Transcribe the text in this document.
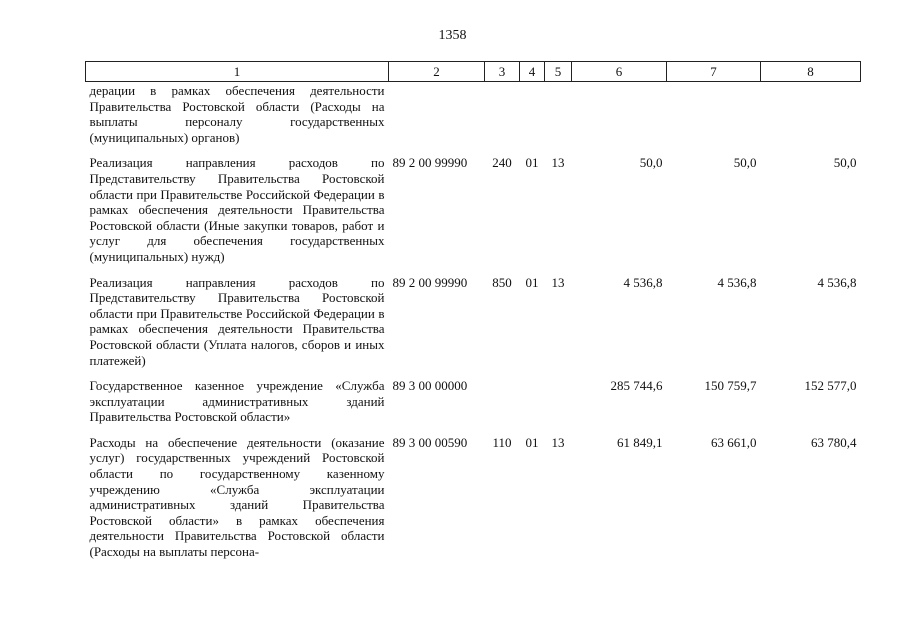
1358
1	2	3	4	5	6	7	8
дерации в рамках обеспечения деятельности Правительства Ростовской области (Расходы на выплаты персоналу государственных (муниципальных) органов)							
Реализация направления расходов по Представительству Правительства Ростовской области при Правительстве Российской Федерации в рамках обеспечения деятельности Правительства Ростовской области (Иные закупки товаров, работ и услуг для обеспечения государственных (муниципальных) нужд)	89 2 00 99990	240	01	13	50,0	50,0	50,0
Реализация направления расходов по Представительству Правительства Ростовской области при Правительстве Российской Федерации в рамках обеспечения деятельности Правительства Ростовской области (Уплата налогов, сборов и иных платежей)	89 2 00 99990	850	01	13	4 536,8	4 536,8	4 536,8
Государственное казенное учреждение «Служба эксплуатации административных зданий Правительства Ростовской области»	89 3 00 00000				285 744,6	150 759,7	152 577,0
Расходы на обеспечение деятельности (оказание услуг) государственных учреждений Ростовской области по государственному казенному учреждению «Служба эксплуатации административных зданий Правительства Ростовской области» в рамках обеспечения деятельности Правительства Ростовской области (Расходы на выплаты персона-	89 3 00 00590	110	01	13	61 849,1	63 661,0	63 780,4
